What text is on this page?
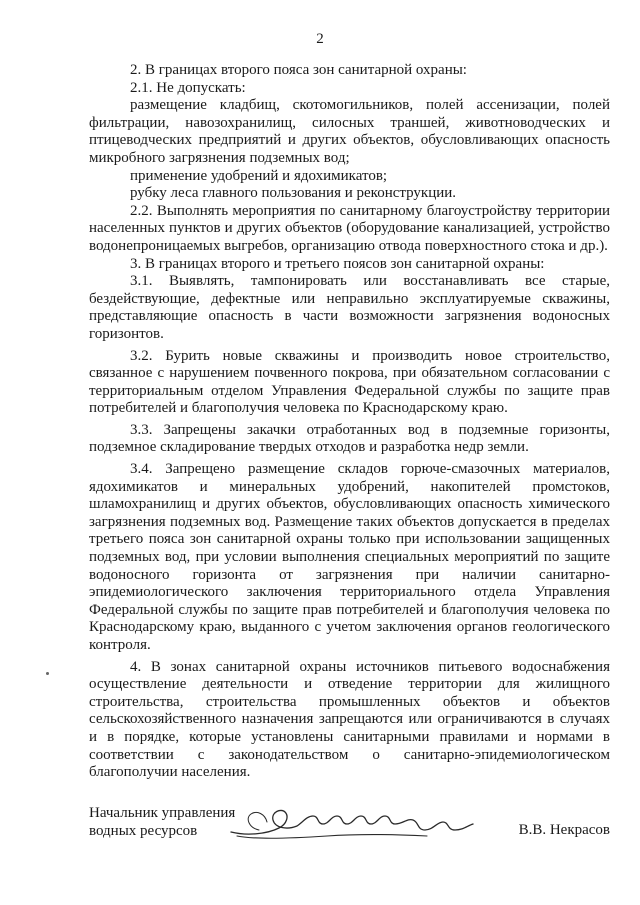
2

2. В границах второго пояса зон санитарной охраны:

2.1. Не допускать:

размещение кладбищ, скотомогильников, полей ассенизации, полей фильтрации, навозохранилищ, силосных траншей, животноводческих и птицеводческих предприятий и других объектов, обусловливающих опасность микробного загрязнения подземных вод;

применение удобрений и ядохимикатов;

рубку леса главного пользования и реконструкции.

2.2. Выполнять мероприятия по санитарному благоустройству территории населенных пунктов и других объектов (оборудование канализацией, устройство водонепроницаемых выгребов, организацию отвода поверхностного стока и др.).

3. В границах второго и третьего поясов зон санитарной охраны:

3.1. Выявлять, тампонировать или восстанавливать все старые, бездействующие, дефектные или неправильно эксплуатируемые скважины, представляющие опасность в части возможности загрязнения водоносных горизонтов.

3.2. Бурить новые скважины и производить новое строительство, связанное с нарушением почвенного покрова, при обязательном согласовании с территориальным отделом Управления Федеральной службы по защите прав потребителей и благополучия человека по Краснодарскому краю.

3.3. Запрещены закачки отработанных вод в подземные горизонты, подземное складирование твердых отходов и разработка недр земли.

3.4. Запрещено размещение складов горюче-смазочных материалов, ядохимикатов и минеральных удобрений, накопителей промстоков, шламохранилищ и других объектов, обусловливающих опасность химического загрязнения подземных вод. Размещение таких объектов допускается в пределах третьего пояса зон санитарной охраны только при использовании защищенных подземных вод, при условии выполнения специальных мероприятий по защите водоносного горизонта от загрязнения при наличии санитарно-эпидемиологического заключения территориального отдела Управления Федеральной службы по защите прав потребителей и благополучия человека по Краснодарскому краю, выданного с учетом заключения органов геологического контроля.

4. В зонах санитарной охраны источников питьевого водоснабжения осуществление деятельности и отведение территории для жилищного строительства, строительства промышленных объектов и объектов сельскохозяйственного назначения запрещаются или ограничиваются в случаях и в порядке, которые установлены санитарными правилами и нормами в соответствии с законодательством о санитарно-эпидемиологическом благополучии населения.

Начальник управления
водных ресурсов	В.В. Некрасов
